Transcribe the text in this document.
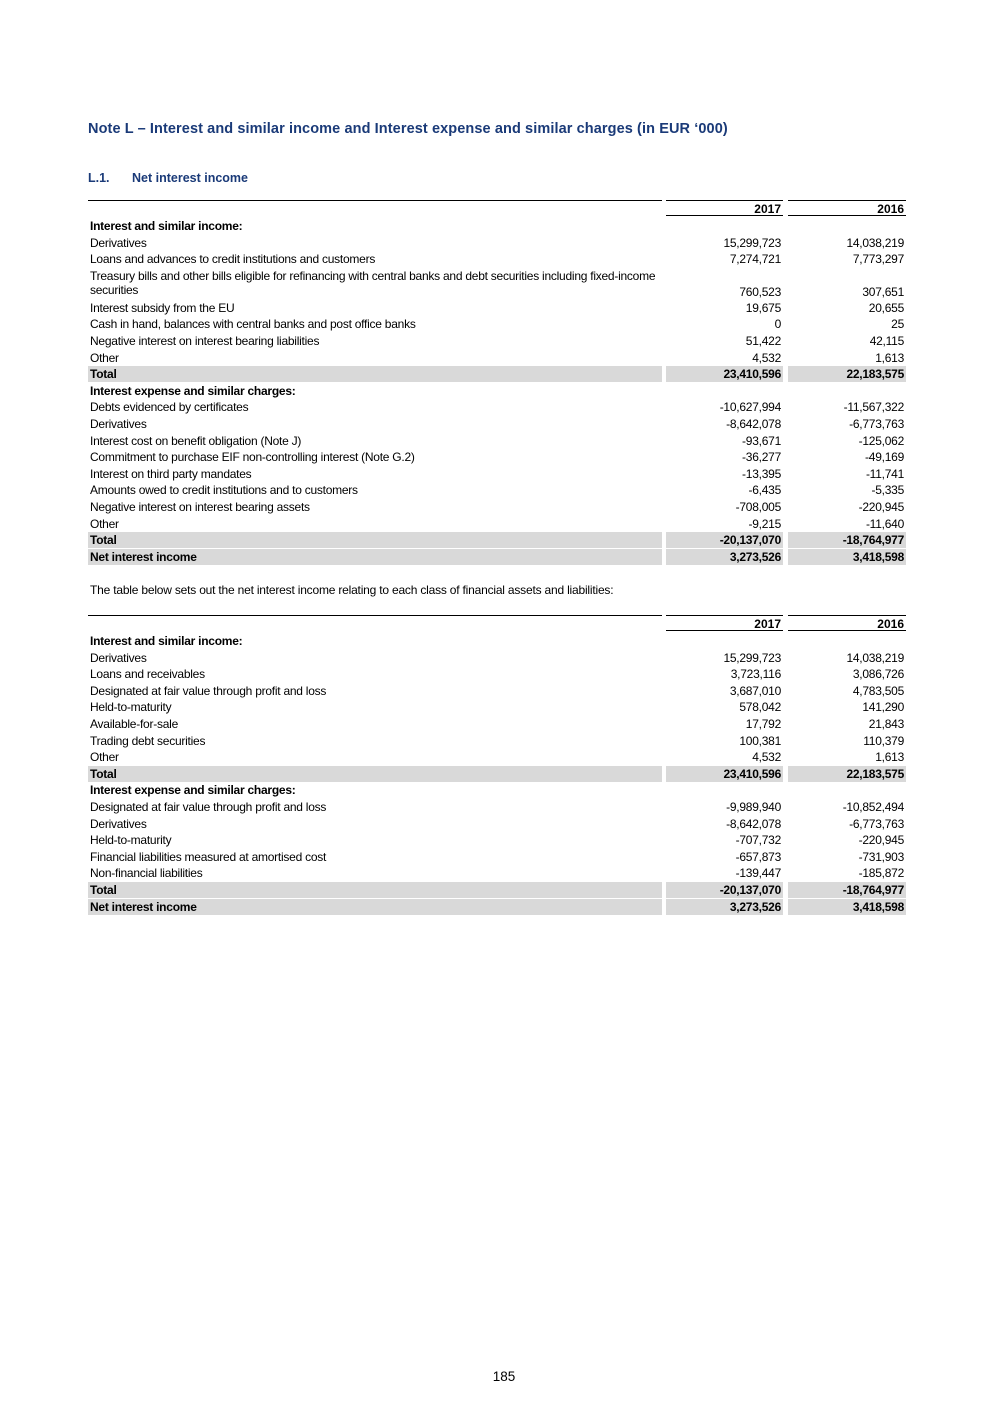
Note L – Interest and similar income and Interest expense and similar charges (in EUR ‘000)
L.1. Net interest income
2017	2016
Interest and similar income:
Derivatives	15,299,723	14,038,219
Loans and advances to credit institutions and customers	7,274,721	7,773,297
Treasury bills and other bills eligible for refinancing with central banks and debt securities including fixed-income securities	760,523	307,651
Interest subsidy from the EU	19,675	20,655
Cash in hand, balances with central banks and post office banks	0	25
Negative interest on interest bearing liabilities	51,422	42,115
Other	4,532	1,613
Total	23,410,596	22,183,575
Interest expense and similar charges:
Debts evidenced by certificates	-10,627,994	-11,567,322
Derivatives	-8,642,078	-6,773,763
Interest cost on benefit obligation (Note J)	-93,671	-125,062
Commitment to purchase EIF non-controlling interest (Note G.2)	-36,277	-49,169
Interest on third party mandates	-13,395	-11,741
Amounts owed to credit institutions and to customers	-6,435	-5,335
Negative interest on interest bearing assets	-708,005	-220,945
Other	-9,215	-11,640
Total	-20,137,070	-18,764,977
Net interest income	3,273,526	3,418,598
The table below sets out the net interest income relating to each class of financial assets and liabilities:
2017	2016
Interest and similar income:
Derivatives	15,299,723	14,038,219
Loans and receivables	3,723,116	3,086,726
Designated at fair value through profit and loss	3,687,010	4,783,505
Held-to-maturity	578,042	141,290
Available-for-sale	17,792	21,843
Trading debt securities	100,381	110,379
Other	4,532	1,613
Total	23,410,596	22,183,575
Interest expense and similar charges:
Designated at fair value through profit and loss	-9,989,940	-10,852,494
Derivatives	-8,642,078	-6,773,763
Held-to-maturity	-707,732	-220,945
Financial liabilities measured at amortised cost	-657,873	-731,903
Non-financial liabilities	-139,447	-185,872
Total	-20,137,070	-18,764,977
Net interest income	3,273,526	3,418,598
185
